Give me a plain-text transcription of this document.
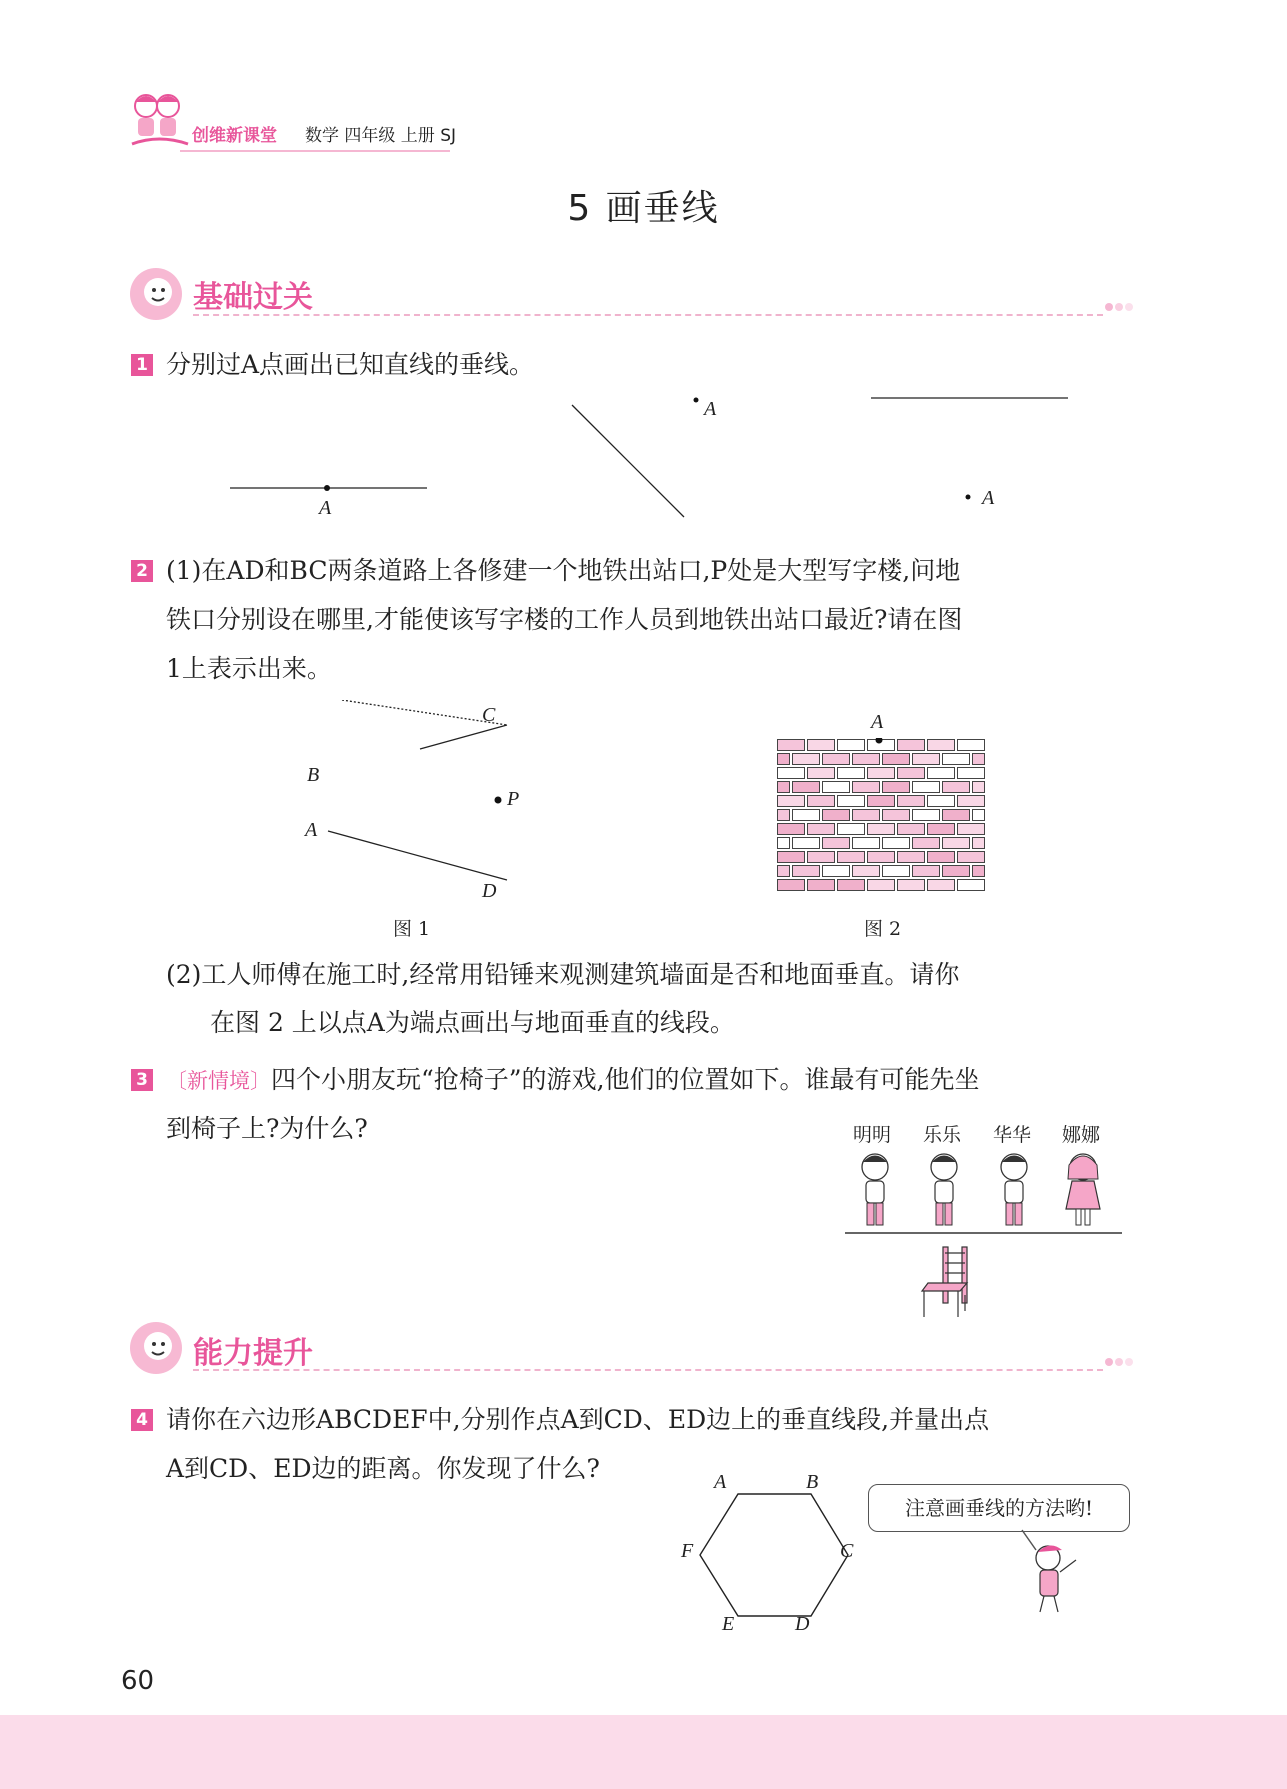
创维新课堂 数学 四年级 上册 SJ
5 画垂线
基础过关
1 分别过A点画出已知直线的垂线。
A
A
A
2 (1)在AD和BC两条道路上各修建一个地铁出站口,P处是大型写字楼,问地
铁口分别设在哪里,才能使该写字楼的工作人员到地铁出站口最近?请在图
1上表示出来。
C
B
P
A
D
图 1
A
图 2
(2)工人师傅在施工时,经常用铅锤来观测建筑墙面是否和地面垂直。请你
在图 2 上以点A为端点画出与地面垂直的线段。
3 〔新情境〕四个小朋友玩“抢椅子”的游戏,他们的位置如下。谁最有可能先坐
到椅子上?为什么?	明明 乐乐 华华 娜娜
能力提升
4 请你在六边形ABCDEF中,分别作点A到CD、ED边上的垂直线段,并量出点
A到CD、ED边的距离。你发现了什么?	A	B
C
D
E
F
注意画垂线的方法哟!
60
